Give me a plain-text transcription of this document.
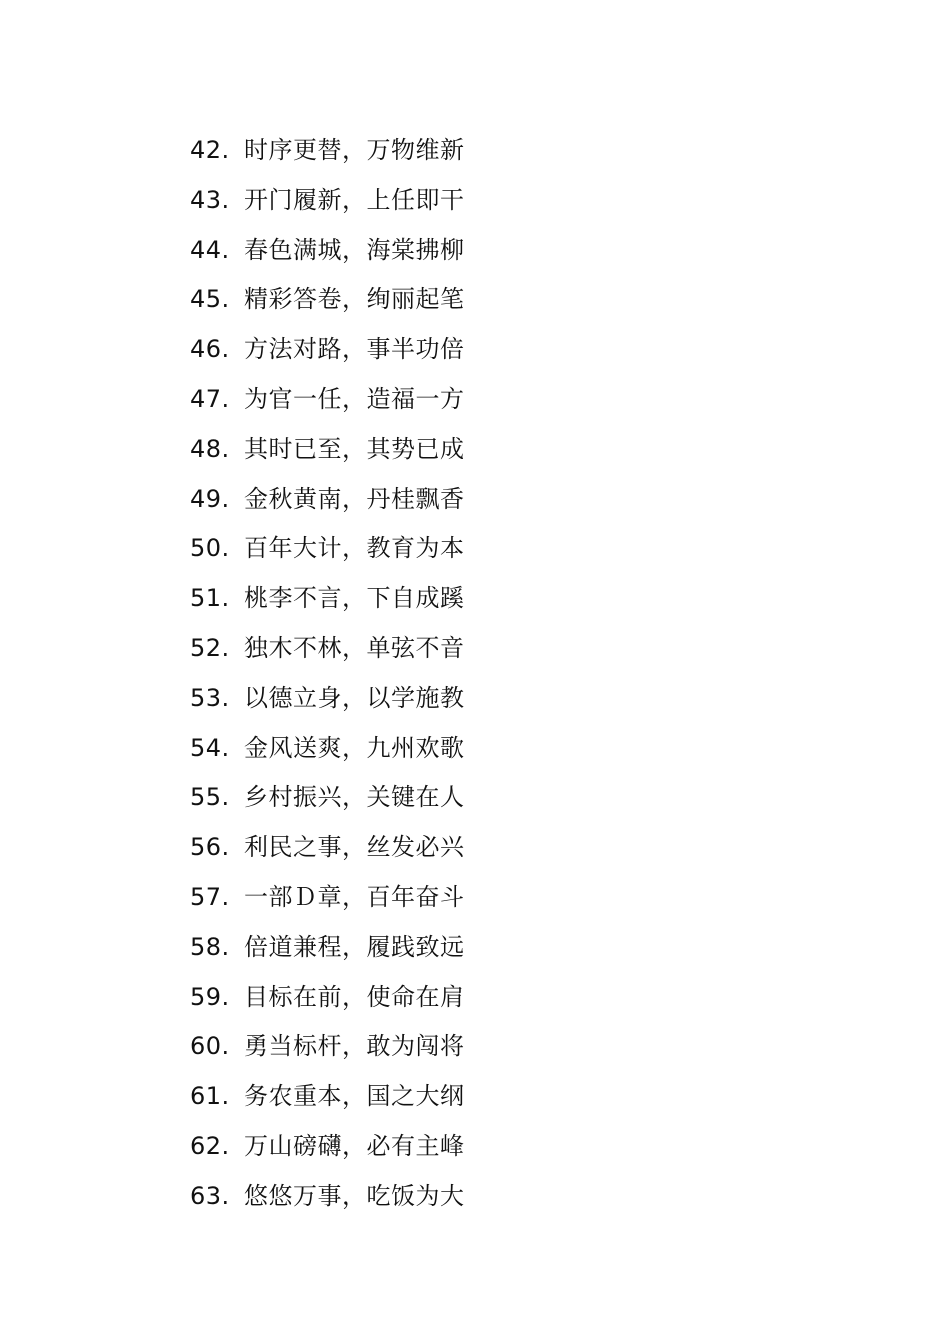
42. 时序更替，万物维新
43. 开门履新，上任即干
44. 春色满城，海棠拂柳
45. 精彩答卷，绚丽起笔
46. 方法对路，事半功倍
47. 为官一任，造福一方
48. 其时已至，其势已成
49. 金秋黄南，丹桂飘香
50. 百年大计，教育为本
51. 桃李不言，下自成蹊
52. 独木不林，单弦不音
53. 以德立身，以学施教
54. 金风送爽，九州欢歌
55. 乡村振兴，关键在人
56. 利民之事，丝发必兴
57. 一部Ｄ章，百年奋斗
58. 倍道兼程，履践致远
59. 目标在前，使命在肩
60. 勇当标杆，敢为闯将
61. 务农重本，国之大纲
62. 万山磅礴，必有主峰
63. 悠悠万事，吃饭为大
